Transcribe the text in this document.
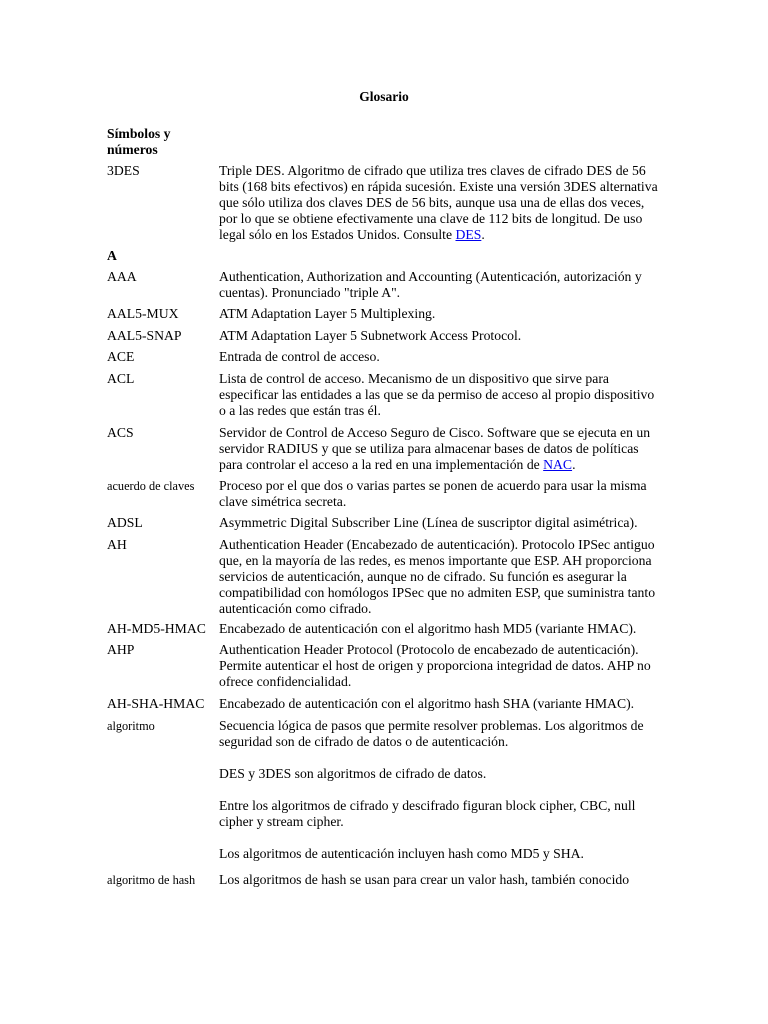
Glosario
Símbolos y números
3DES	Triple DES. Algoritmo de cifrado que utiliza tres claves de cifrado DES de 56
bits (168 bits efectivos) en rápida sucesión. Existe una versión 3DES alternativa
que sólo utiliza dos claves DES de 56 bits, aunque usa una de ellas dos veces,
por lo que se obtiene efectivamente una clave de 112 bits de longitud. De uso
legal sólo en los Estados Unidos. Consulte DES.
A
AAA	Authentication, Authorization and Accounting (Autenticación, autorización y
cuentas). Pronunciado "triple A".
AAL5-MUX	ATM Adaptation Layer 5 Multiplexing.
AAL5-SNAP	ATM Adaptation Layer 5 Subnetwork Access Protocol.
ACE	Entrada de control de acceso.
ACL	Lista de control de acceso. Mecanismo de un dispositivo que sirve para
especificar las entidades a las que se da permiso de acceso al propio dispositivo
o a las redes que están tras él.
ACS	Servidor de Control de Acceso Seguro de Cisco. Software que se ejecuta en un
servidor RADIUS y que se utiliza para almacenar bases de datos de políticas
para controlar el acceso a la red en una implementación de NAC.
acuerdo de claves	Proceso por el que dos o varias partes se ponen de acuerdo para usar la misma
clave simétrica secreta.
ADSL	Asymmetric Digital Subscriber Line (Línea de suscriptor digital asimétrica).
AH	Authentication Header (Encabezado de autenticación). Protocolo IPSec antiguo
que, en la mayoría de las redes, es menos importante que ESP. AH proporciona
servicios de autenticación, aunque no de cifrado. Su función es asegurar la
compatibilidad con homólogos IPSec que no admiten ESP, que suministra tanto
autenticación como cifrado.
AH-MD5-HMAC Encabezado de autenticación con el algoritmo hash MD5 (variante HMAC).
AHP	Authentication Header Protocol (Protocolo de encabezado de autenticación).
Permite autenticar el host de origen y proporciona integridad de datos. AHP no
ofrece confidencialidad.
AH-SHA-HMAC	Encabezado de autenticación con el algoritmo hash SHA (variante HMAC).
algoritmo	Secuencia lógica de pasos que permite resolver problemas. Los algoritmos de
seguridad son de cifrado de datos o de autenticación.
DES y 3DES son algoritmos de cifrado de datos.
Entre los algoritmos de cifrado y descifrado figuran block cipher, CBC, null
cipher y stream cipher.
Los algoritmos de autenticación incluyen hash como MD5 y SHA.
algoritmo de hash	Los algoritmos de hash se usan para crear un valor hash, también conocido
